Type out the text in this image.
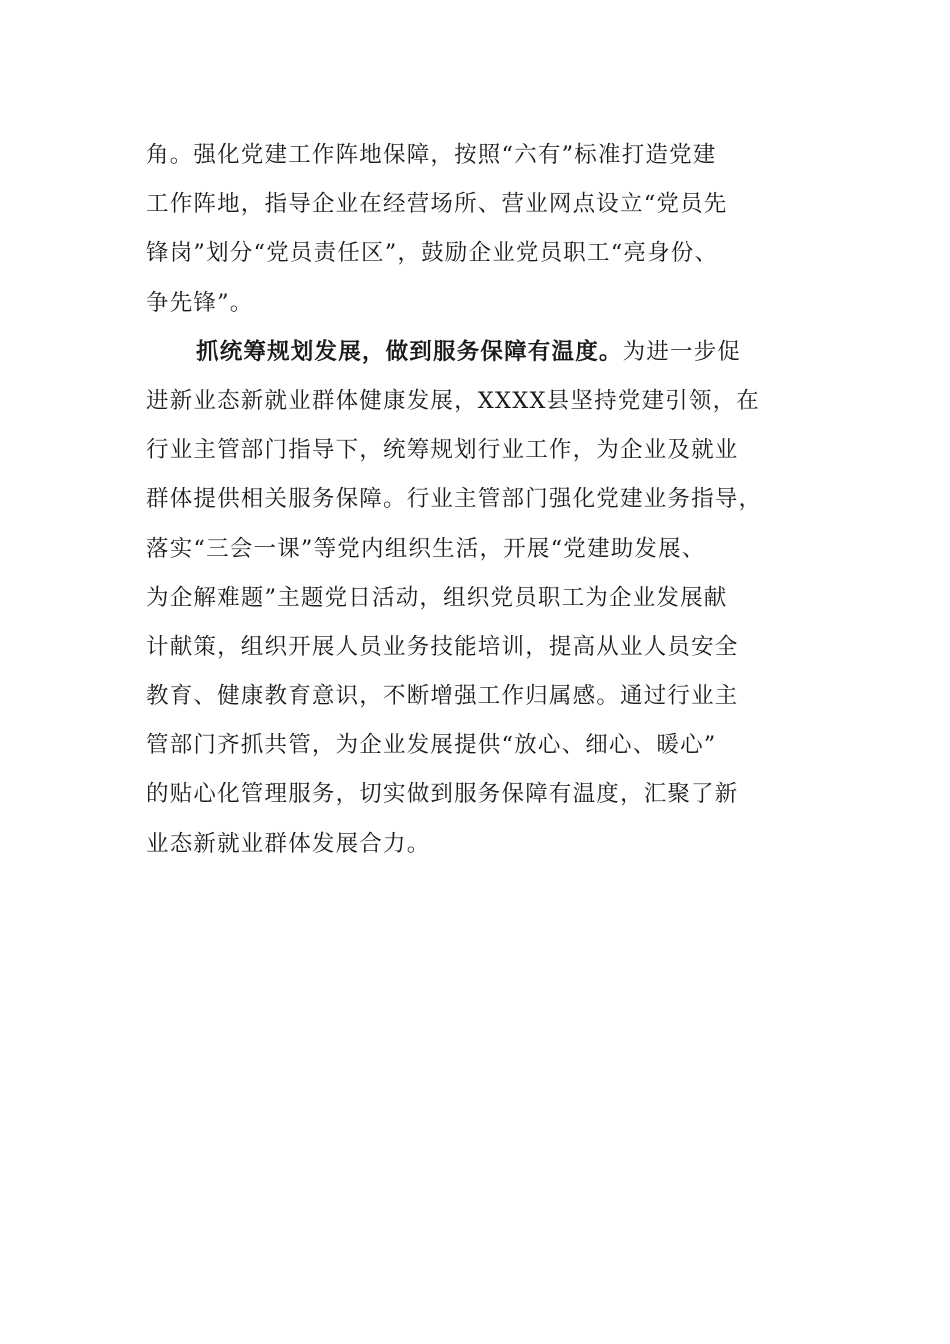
角。强化党建工作阵地保障，按照“六有”标准打造党建
工作阵地，指导企业在经营场所、营业网点设立“党员先
锋岗”划分“党员责任区”，鼓励企业党员职工“亮身份、
争先锋”。
抓统筹规划发展，做到服务保障有温度。为进一步促
进新业态新就业群体健康发展，XXXX县坚持党建引领，在
行业主管部门指导下，统筹规划行业工作，为企业及就业
群体提供相关服务保障。行业主管部门强化党建业务指导，
落实“三会一课”等党内组织生活，开展“党建助发展、
为企解难题”主题党日活动，组织党员职工为企业发展献
计献策，组织开展人员业务技能培训，提高从业人员安全
教育、健康教育意识，不断增强工作归属感。通过行业主
管部门齐抓共管，为企业发展提供“放心、细心、暖心”
的贴心化管理服务，切实做到服务保障有温度，汇聚了新
业态新就业群体发展合力。
